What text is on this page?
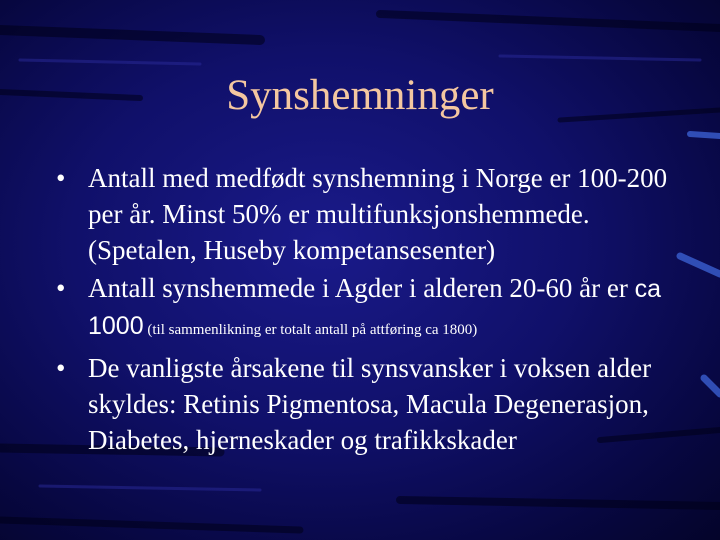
Synshemninger
• Antall med medfødt synshemning i Norge er 100-200 per år. Minst 50% er multifunksjonshemmede. (Spetalen, Huseby kompetansesenter)
• Antall synshemmede i Agder i alderen 20-60 år er ca 1000 (til sammenlikning er totalt antall på attføring ca 1800)
• De vanligste årsakene til synsvansker i voksen alder skyldes: Retinis Pigmentosa, Macula Degenerasjon, Diabetes, hjerneskader og trafikkskader
